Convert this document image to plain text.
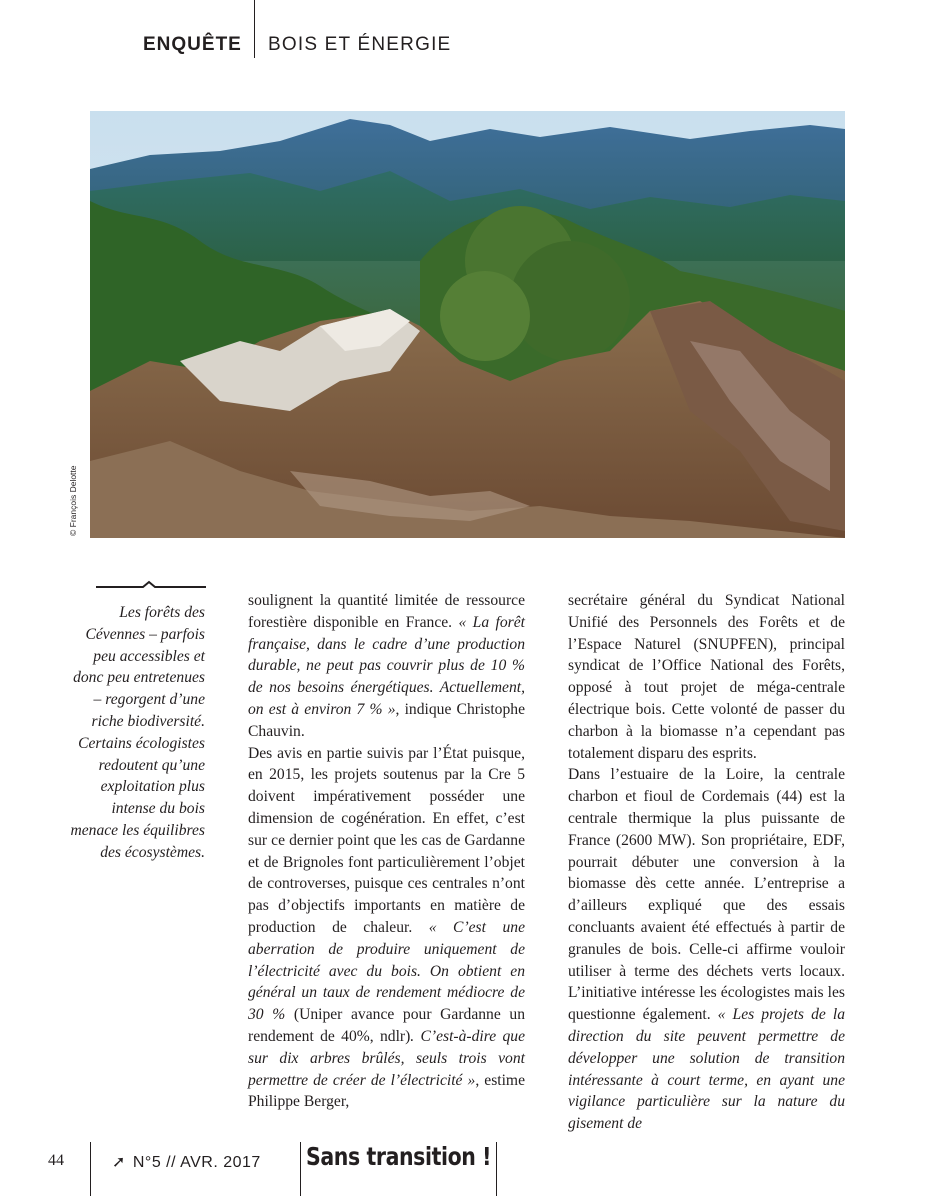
ENQUÊTE BOIS ET ÉNERGIE
© François Delotte
Les forêts des Cévennes – parfois peu accessibles et donc peu entretenues – regorgent d’une riche biodiversité. Certains écologistes redoutent qu’une exploitation plus intense du bois menace les équilibres des écosystèmes.

soulignent la quantité limitée de ressource forestière disponible en France. « La forêt française, dans le cadre d’une production durable, ne peut pas couvrir plus de 10 % de nos besoins énergétiques. Actuellement, on est à environ 7 % », indique Christophe Chauvin.

Des avis en partie suivis par l’État puisque, en 2015, les projets soutenus par la Cre 5 doivent impérativement posséder une dimension de cogénération. En effet, c’est sur ce dernier point que les cas de Gardanne et de Brignoles font particulièrement l’objet de controverses, puisque ces centrales n’ont pas d’objectifs importants en matière de production de chaleur. « C’est une aberration de produire uniquement de l’électricité avec du bois. On obtient en général un taux de rendement médiocre de 30 % (Uniper avance pour Gardanne un rendement de 40%, ndlr). C’est-à-dire que sur dix arbres brûlés, seuls trois vont permettre de créer de l’électricité », estime Philippe Berger,

secrétaire général du Syndicat National Unifié des Personnels des Forêts et de l’Espace Naturel (SNUPFEN), principal syndicat de l’Office National des Forêts, opposé à tout projet de méga-centrale électrique bois. Cette volonté de passer du charbon à la biomasse n’a cependant pas totalement disparu des esprits.

Dans l’estuaire de la Loire, la centrale charbon et fioul de Cordemais (44) est la centrale thermique la plus puissante de France (2600 MW). Son propriétaire, EDF, pourrait débuter une conversion à la biomasse dès cette année. L’entreprise a d’ailleurs expliqué que des essais concluants avaient été effectués à partir de granules de bois. Celle-ci affirme vouloir utiliser à terme des déchets verts locaux. L’initiative intéresse les écologistes mais les questionne également. « Les projets de la direction du site peuvent permettre de développer une solution de transition intéressante à court terme, en ayant une vigilance particulière sur la nature du gisement de

44	➚ N°5 // AVR. 2017 Sans transition !
